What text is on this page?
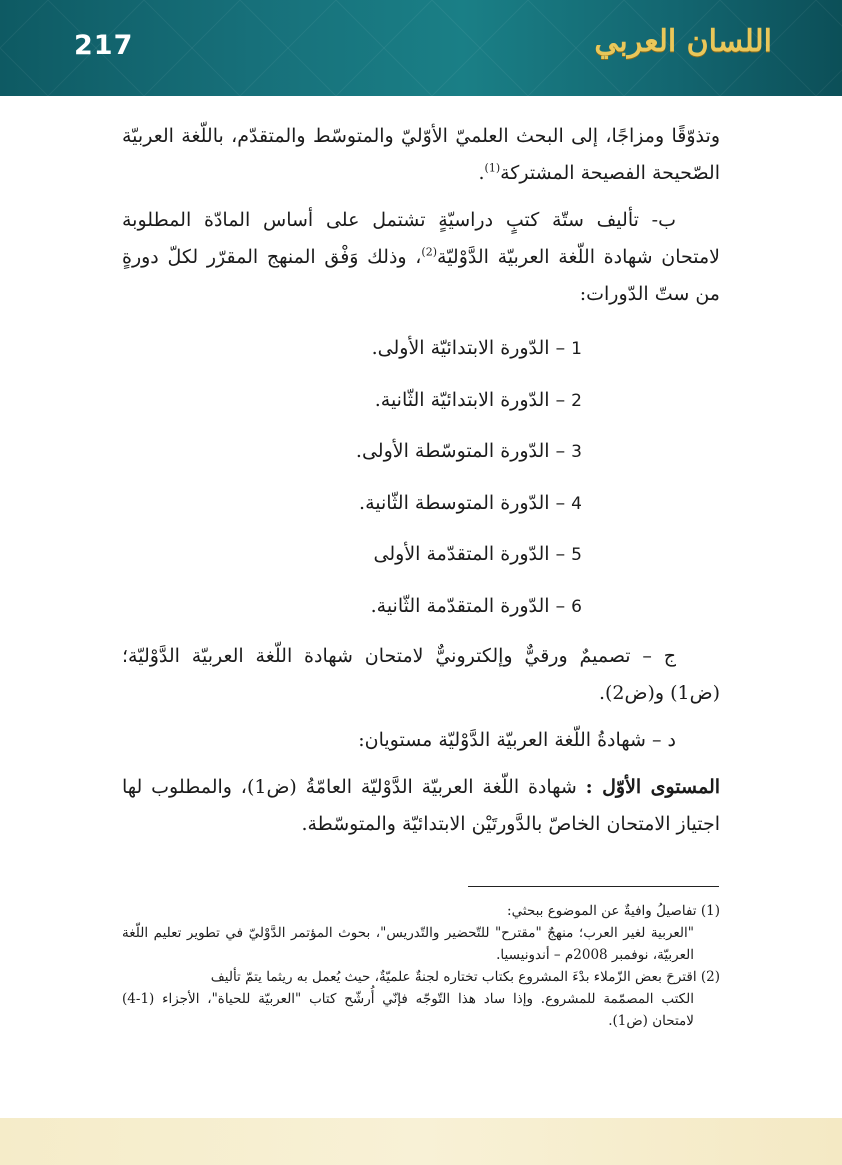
217	اللسان العربي

وتذوّقًا ومزاجًا، إلى البحث العلميّ الأوّليّ والمتوسّط والمتقدّم، باللّغة العربيّة الصّحيحة الفصيحة المشتركة$^{(1)}$.

ب- تأليف ستّة كتبٍ دراسيّةٍ تشتمل على أساس المادّة المطلوبة لامتحان شهادة اللّغة العربيّة الدَّوْليّة$^{(2)}$، وذلك وَفْق المنهج المقرّر لكلّ دورةٍ من ستّ الدّورات:

1 – الدّورة الابتدائيّة الأولى.
2 – الدّورة الابتدائيّة الثّانية.
3 – الدّورة المتوسّطة الأولى.
4 – الدّورة المتوسطة الثّانية.
5 – الدّورة المتقدّمة الأولى
6 – الدّورة المتقدّمة الثّانية.

ج – تصميمٌ ورقيٌّ وإلكترونيٌّ لامتحان شهادة اللّغة العربيّة الدَّوْليّة؛ (ض1) و(ض2).

د – شهادةُ اللّغة العربيّة الدَّوْليّة مستويان:

المستوى الأوّل : شهادة اللّغة العربيّة الدَّوْليّة العامّةُ (ض1)، والمطلوب لها اجتياز الامتحان الخاصّ بالدَّورتَيْن الابتدائيّة والمتوسّطة.

(1) تفاصيلُ وافيةٌ عن الموضوع ببحثي:

"العربية لغير العرب؛ منهجٌ "مقترح" للتّحضير والتّدريس"، بحوث المؤتمر الدَّوْليّ في تطوير تعليم اللّغة العربيّة، نوفمبر 2008م – أندونيسيا.

(2) اقترحَ بعض الزّملاء بدْءَ المشروع بكتاب تختاره لجنةٌ علميّةٌ، حيث يُعمل به ريثما يتمّ تأليف

الكتب المصمّمة للمشروع. وإذا ساد هذا التّوجّه فإنّي أُرشّح كتاب "العربيّة للحياة"، الأجزاء (1-4) لامتحان (ض1).
